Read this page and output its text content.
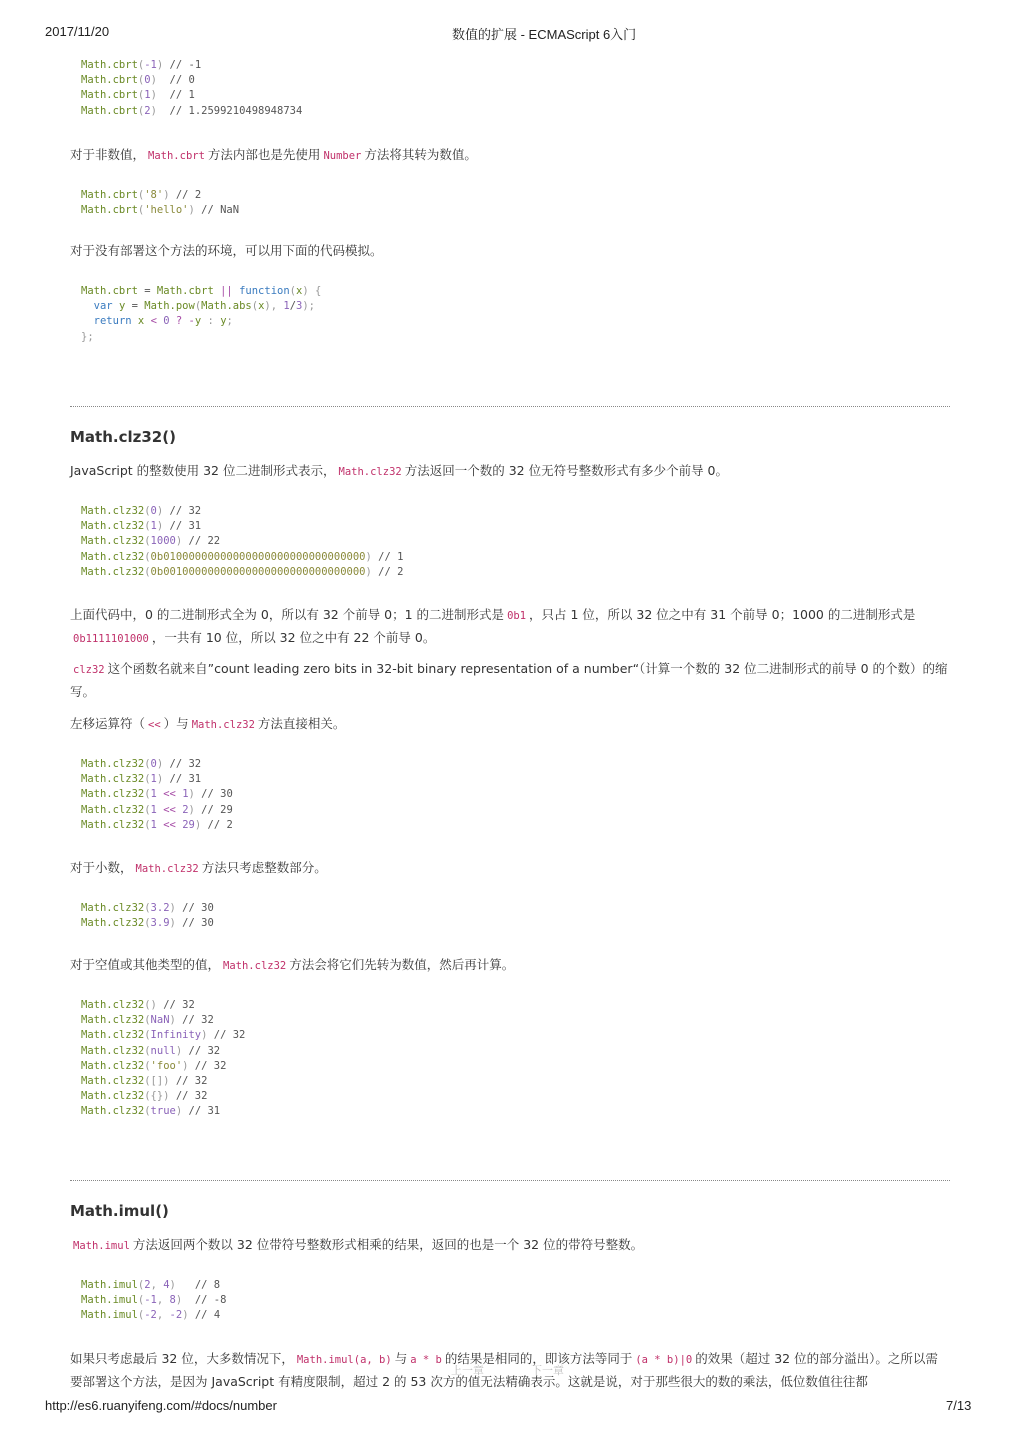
2017/11/20	数值的扩展 - ECMAScript 6入门
Math.cbrt(-1) // -1
Math.cbrt(0)  // 0
Math.cbrt(1)  // 1
Math.cbrt(2)  // 1.2599210498948734

对于非数值， Math.cbrt 方法内部也是先使用 Number 方法将其转为数值。

Math.cbrt('8') // 2
Math.cbrt('hello') // NaN

对于没有部署这个方法的环境，可以用下面的代码模拟。

Math.cbrt = Math.cbrt || function(x) {
var y = Math.pow(Math.abs(x), 1/3);
return x < 0 ? -y : y;
};
Math.clz32()

JavaScript 的整数使用 32 位二进制形式表示， Math.clz32 方法返回一个数的 32 位无符号整数形式有多少个前导 0。

Math.clz32(0) // 32
Math.clz32(1) // 31
Math.clz32(1000) // 22
Math.clz32(0b01000000000000000000000000000000) // 1
Math.clz32(0b00100000000000000000000000000000) // 2

上面代码中，0 的二进制形式全为 0，所以有 32 个前导 0；1 的二进制形式是 0b1 ，只占 1 位，所以 32 位之中有 31 个前导 0；1000 的二进制形式是0b1111101000 ，一共有 10 位，所以 32 位之中有 22 个前导 0。

clz32 这个函数名就来自”count leading zero bits in 32-bit binary representation of a number“（计算一个数的 32 位二进制形式的前导 0 的个数）的缩写。

左移运算符（ << ）与 Math.clz32 方法直接相关。

Math.clz32(0) // 32
Math.clz32(1) // 31
Math.clz32(1 << 1) // 30
Math.clz32(1 << 2) // 29
Math.clz32(1 << 29) // 2

对于小数， Math.clz32 方法只考虑整数部分。

Math.clz32(3.2) // 30
Math.clz32(3.9) // 30

对于空值或其他类型的值， Math.clz32 方法会将它们先转为数值，然后再计算。

Math.clz32() // 32
Math.clz32(NaN) // 32
Math.clz32(Infinity) // 32
Math.clz32(null) // 32
Math.clz32('foo') // 32
Math.clz32([]) // 32
Math.clz32({}) // 32
Math.clz32(true) // 31
Math.imul()

Math.imul 方法返回两个数以 32 位带符号整数形式相乘的结果，返回的也是一个 32 位的带符号整数。

Math.imul(2, 4)   // 8
Math.imul(-1, 8)  // -8
Math.imul(-2, -2) // 4

如果只考虑最后 32 位，大多数情况下， Math.imul(a, b) 与 a * b 的结果是相同的，即该方法等同于 (a * b)|0 的效果（超过 32 位的部分溢出）。之所以需要部署这个方法，是因为 JavaScript 有精度限制，超过 2 的 53 次方的值无法精确表示。这就是说，对于那些很大的数的乘法，低位数值往往都

上一章	下一章
http://es6.ruanyifeng.com/#docs/number	7/13
